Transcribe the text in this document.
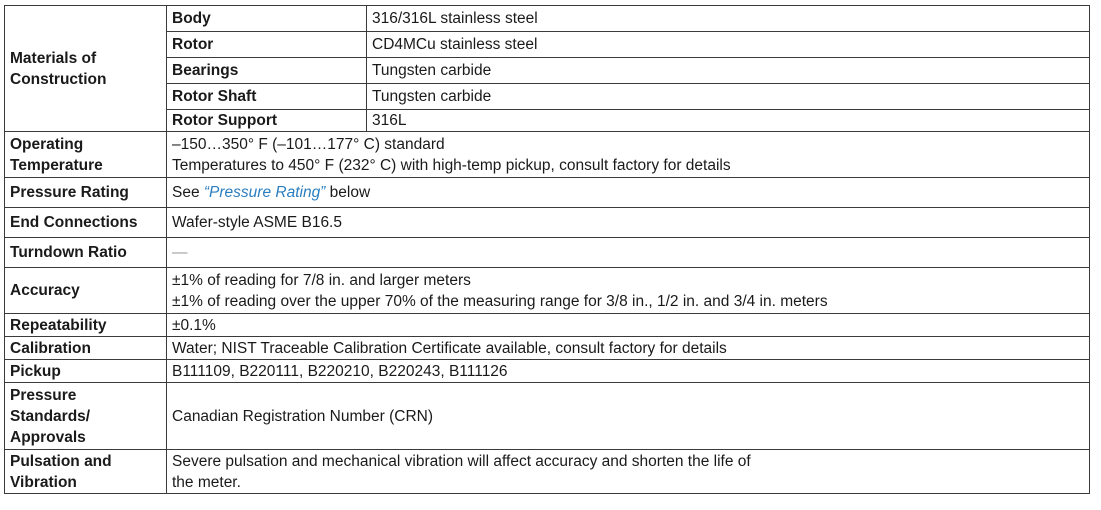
Materials of
Construction	Body	316/316L stainless steel
	Rotor	CD4MCu stainless steel
	Bearings	Tungsten carbide
	Rotor Shaft	Tungsten carbide
	Rotor Support	316L

Operating
Temperature	–150…350° F (–101…177° C) standard
Temperatures to 450° F (232° C) with high-temp pickup, consult factory for details	

Pressure Rating	See “Pressure Rating” below	
End Connections	Wafer-style ASME B16.5	
Turndown Ratio	—	
Accuracy	±1% of reading for 7/8 in. and larger meters
±1% of reading over the upper 70% of the measuring range for 3/8 in., 1/2 in. and 3/4 in. meters	

Repeatability	±0.1%	
Calibration	Water; NIST Traceable Calibration Certificate available, consult factory for details	
Pickup	B111109, B220111, B220210, B220243, B111126	

Pressure
Standards/
Approvals	Canadian Registration Number (CRN)	

Pulsation and
Vibration	Severe pulsation and mechanical vibration will affect accuracy and shorten the life of
the meter.	
